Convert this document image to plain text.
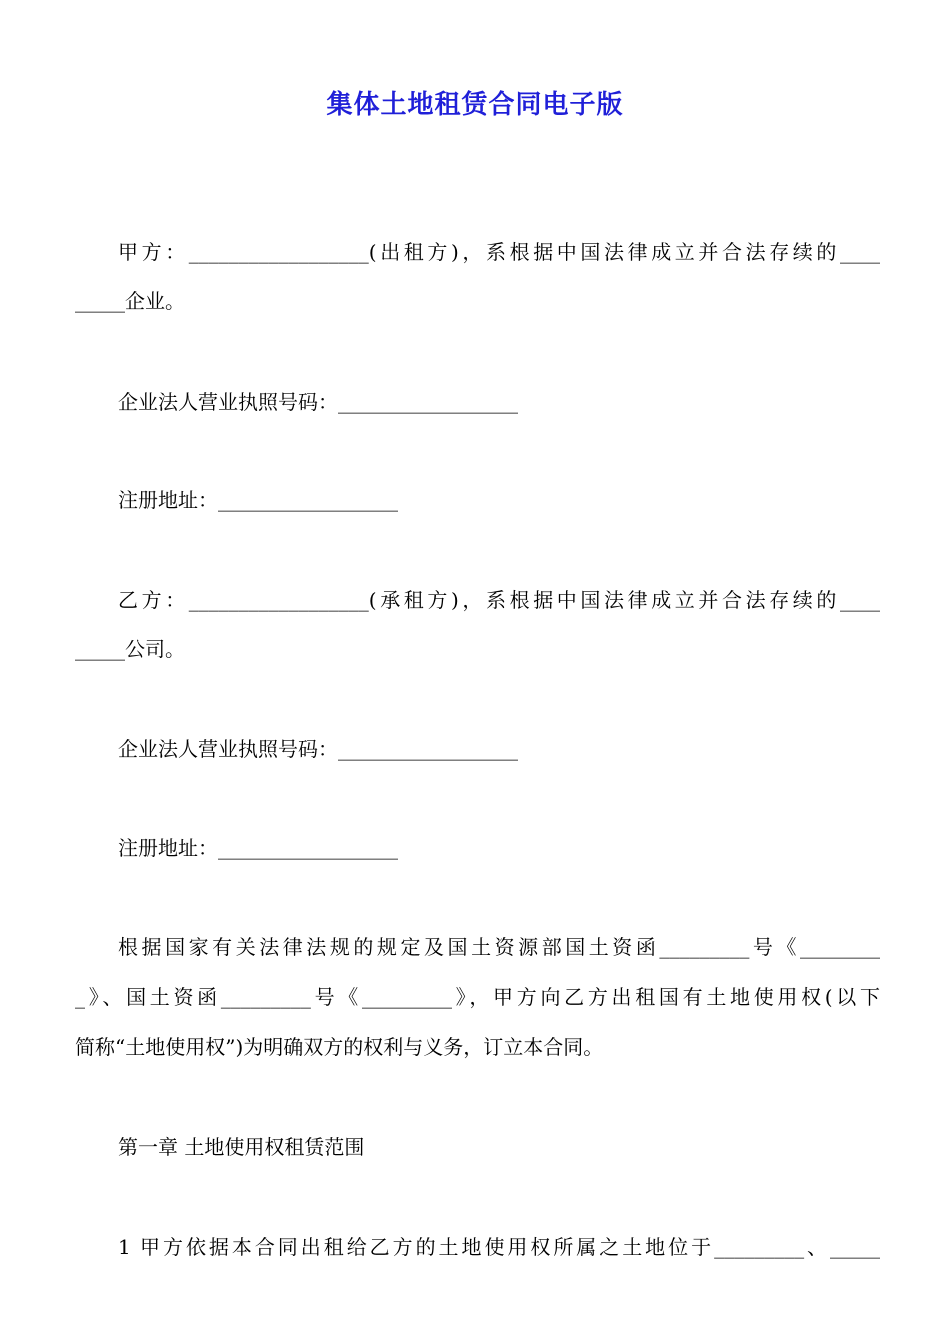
集体土地租赁合同电子版
甲方：__________________(出租方)，系根据中国法律成立并合法存续的____
_____企业。
企业法人营业执照号码：__________________
注册地址：__________________
乙方：__________________(承租方)，系根据中国法律成立并合法存续的____
_____公司。
企业法人营业执照号码：__________________
注册地址：__________________
根据国家有关法律法规的规定及国土资源部国土资函_________号《________
_》、国土资函_________号《_________》，甲方向乙方出租国有土地使用权(以下
简称“土地使用权”)为明确双方的权利与义务，订立本合同。
第一章 土地使用权租赁范围
1 甲方依据本合同出租给乙方的土地使用权所属之土地位于_________、_____
